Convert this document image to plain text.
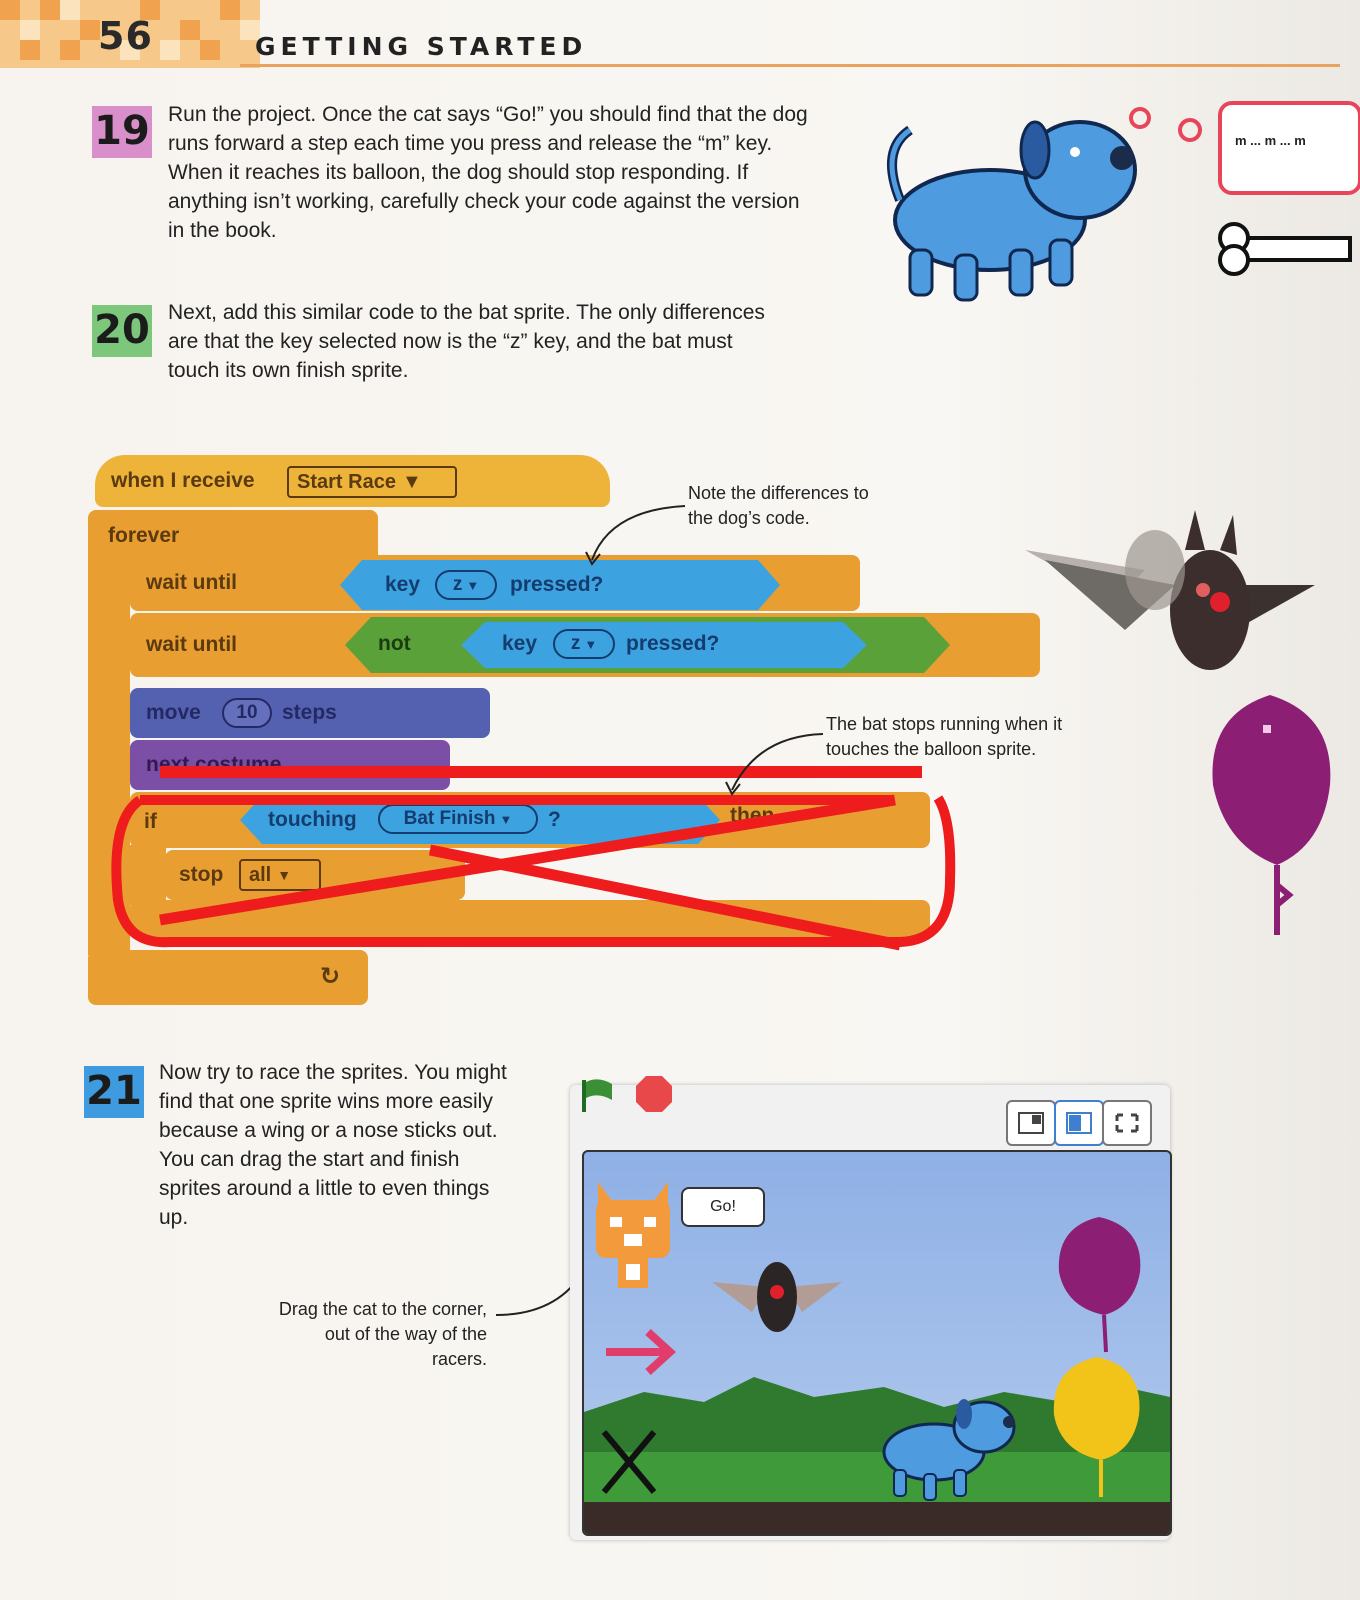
56	GETTING STARTED
19 Run the project. Once the cat says “Go!” you should find that the dog runs forward a step each time you press and release the “m” key. When it reaches its balloon, the dog should stop responding. If anything isn’t working, carefully check your code against the version in the book.
m ... m ... m
20 Next, add this similar code to the bat sprite. The only differences are that the key selected now is the “z” key, and the bat must touch its own finish sprite.
when I receive Start Race ▼
forever
↻
wait until	key z ▼ pressed?
wait until	not	key z ▼ pressed?
move 10 steps
next costume
if	then
touching Bat Finish ▼ ?
stop all ▼
Note the differences to the dog’s code.
The bat stops running when it touches the balloon sprite.
21 Now try to race the sprites. You might find that one sprite wins more easily because a wing or a nose sticks out. You can drag the start and finish sprites around a little to even things up.
Drag the cat to the corner, out of the way of the racers.
Go!
